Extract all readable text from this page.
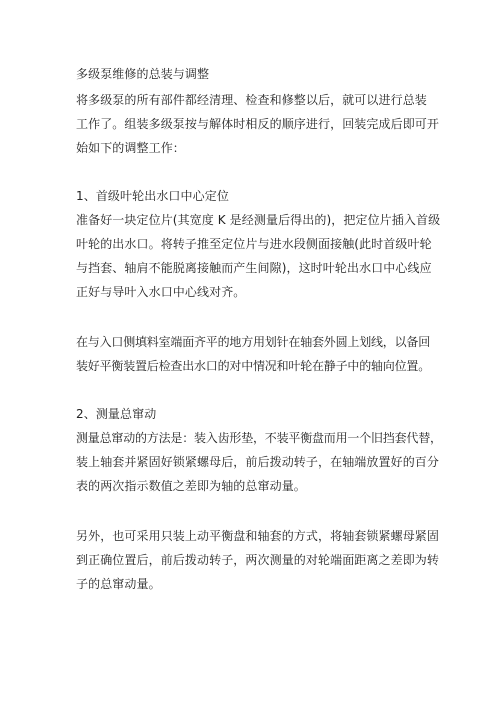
多级泵维修的总装与调整
将多级泵的所有部件都经清理、检查和修整以后，就可以进行总装
工作了。组装多级泵按与解体时相反的顺序进行，回装完成后即可开
始如下的调整工作：
1、首级叶轮出水口中心定位
准备好一块定位片(其宽度 K 是经测量后得出的)，把定位片插入首级
叶轮的出水口。将转子推至定位片与进水段侧面接触(此时首级叶轮
与挡套、轴肩不能脱离接触而产生间隙)，这时叶轮出水口中心线应
正好与导叶入水口中心线对齐。
在与入口侧填料室端面齐平的地方用划针在轴套外圆上划线，以备回
装好平衡装置后检查出水口的对中情况和叶轮在静子中的轴向位置。
2、测量总窜动
测量总窜动的方法是：装入齿形垫，不装平衡盘而用一个旧挡套代替，
装上轴套并紧固好锁紧螺母后，前后拨动转子，在轴端放置好的百分
表的两次指示数值之差即为轴的总窜动量。
另外，也可采用只装上动平衡盘和轴套的方式，将轴套锁紧螺母紧固
到正确位置后，前后拨动转子，两次测量的对轮端面距离之差即为转
子的总窜动量。
